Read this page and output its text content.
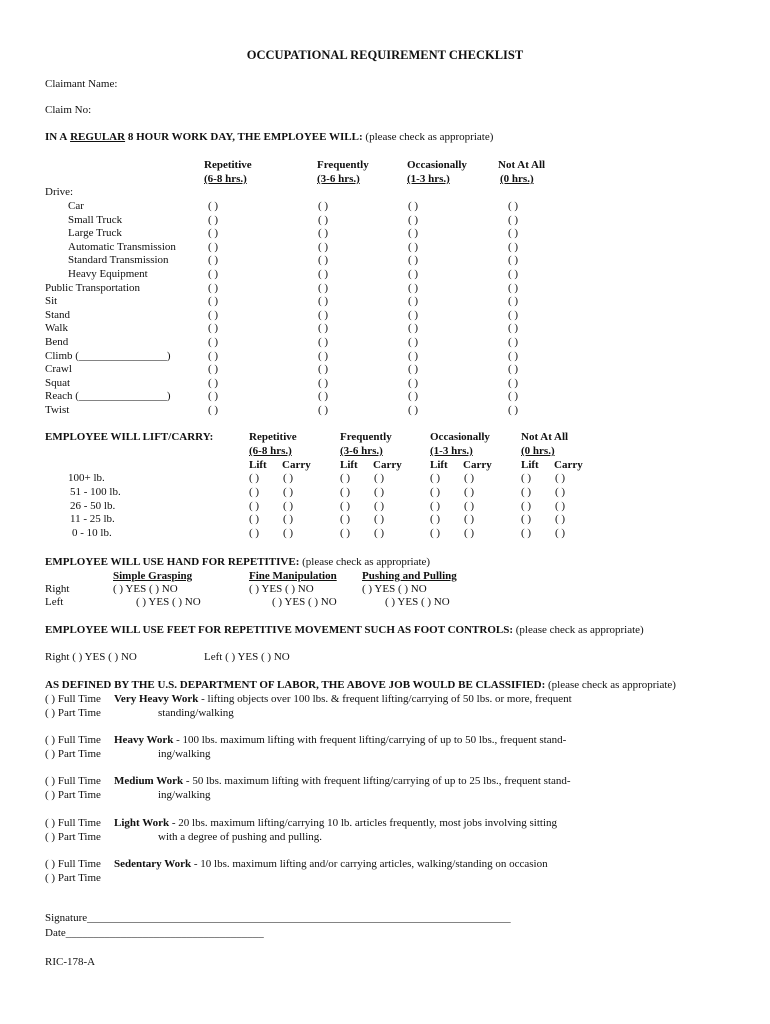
OCCUPATIONAL REQUIREMENT CHECKLIST
Claimant Name:
Claim No:
IN A REGULAR 8 HOUR WORK DAY, THE EMPLOYEE WILL: (please check as appropriate)
Repetitive
(6-8 hrs.)
Frequently
(3-6 hrs.)
Occasionally
(1-3 hrs.)
Not At All
(0 hrs.)
Drive:
Car	( )	( )	( )	( )
Small Truck	( )	( )	( )	( )
Large Truck	( )	( )	( )	( )
Automatic Transmission	( )	( )	( )	( )
Standard Transmission	( )	( )	( )	( )
Heavy Equipment	( )	( )	( )	( )
Public Transportation	( )	( )	( )	( )
Sit	( )	( )	( )	( )
Stand	( )	( )	( )	( )
Walk	( )	( )	( )	( )
Bend	( )	( )	( )	( )
Climb (________________)	( )	( )	( )	( )
Crawl	( )	( )	( )	( )
Squat	( )	( )	( )	( )
Reach (________________)	( )	( )	( )	( )
Twist	( )	( )	( )	( )
EMPLOYEE WILL LIFT/CARRY:	Repetitive
(6-8 hrs.)
Lift Carry
Frequently
(3-6 hrs.)
Lift Carry
Occasionally
(1-3 hrs.)
Lift Carry
Not At All
(0 hrs.)
Lift Carry
100+ lb.	( ) ( )	( ) ( )	( ) ( )	( ) ( )
51 - 100 lb.	( ) ( )	( ) ( )	( ) ( )	( ) ( )
26 - 50 lb.	( ) ( )	( ) ( )	( ) ( )	( ) ( )
11 - 25 lb.	( ) ( )	( ) ( )	( ) ( )	( ) ( )
0 - 10 lb.	( ) ( )	( ) ( )	( ) ( )	( ) ( )
EMPLOYEE WILL USE HAND FOR REPETITIVE: (please check as appropriate)
Simple Grasping	Fine Manipulation Pushing and Pulling
Right	( ) YES ( ) NO	( ) YES ( ) NO	( ) YES ( ) NO
Left	( ) YES ( ) NO	( ) YES ( ) NO	( ) YES ( ) NO
EMPLOYEE WILL USE FEET FOR REPETITIVE MOVEMENT SUCH AS FOOT CONTROLS: (please check as appropriate)
Right ( ) YES ( ) NO	Left ( ) YES ( ) NO
AS DEFINED BY THE U.S. DEPARTMENT OF LABOR, THE ABOVE JOB WOULD BE CLASSIFIED: (please check as appropriate)
( ) Full Time
( ) Part Time
Very Heavy Work - lifting objects over 100 lbs. & frequent lifting/carrying of 50 lbs. or more, frequent
standing/walking
( ) Full Time
( ) Part Time
Heavy Work - 100 lbs. maximum lifting with frequent lifting/carrying of up to 50 lbs., frequent stand-
ing/walking
( ) Full Time
( ) Part Time
Medium Work - 50 lbs. maximum lifting with frequent lifting/carrying of up to 25 lbs., frequent stand-
ing/walking
( ) Full Time
( ) Part Time
Light Work - 20 lbs. maximum lifting/carrying 10 lb. articles frequently, most jobs involving sitting
with a degree of pushing and pulling.
( ) Full Time
( ) Part Time
Sedentary Work - 10 lbs. maximum lifting and/or carrying articles, walking/standing on occasion
Signature_____________________________________________________________________________
Date____________________________________
RIC-178-A
